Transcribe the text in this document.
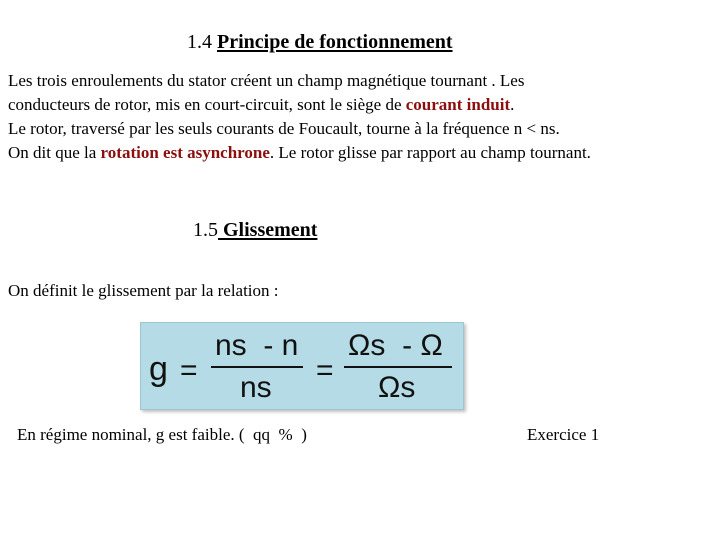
1.4 Principe de fonctionnement
Les trois enroulements du stator créent un champ magnétique tournant . Les
conducteurs de rotor, mis en court-circuit, sont le siège de courant induit.
Le rotor, traversé par les seuls courants de Foucault, tourne à la fréquence n < ns.
On dit que la rotation est asynchrone. Le rotor glisse par rapport au champ tournant.
1.5 Glissement
On définit le glissement par la relation :
g =
ns  - n
ns
=
Ωs  - Ω
Ωs
En régime nominal, g est faible. (  qq  %  )	Exercice 1
